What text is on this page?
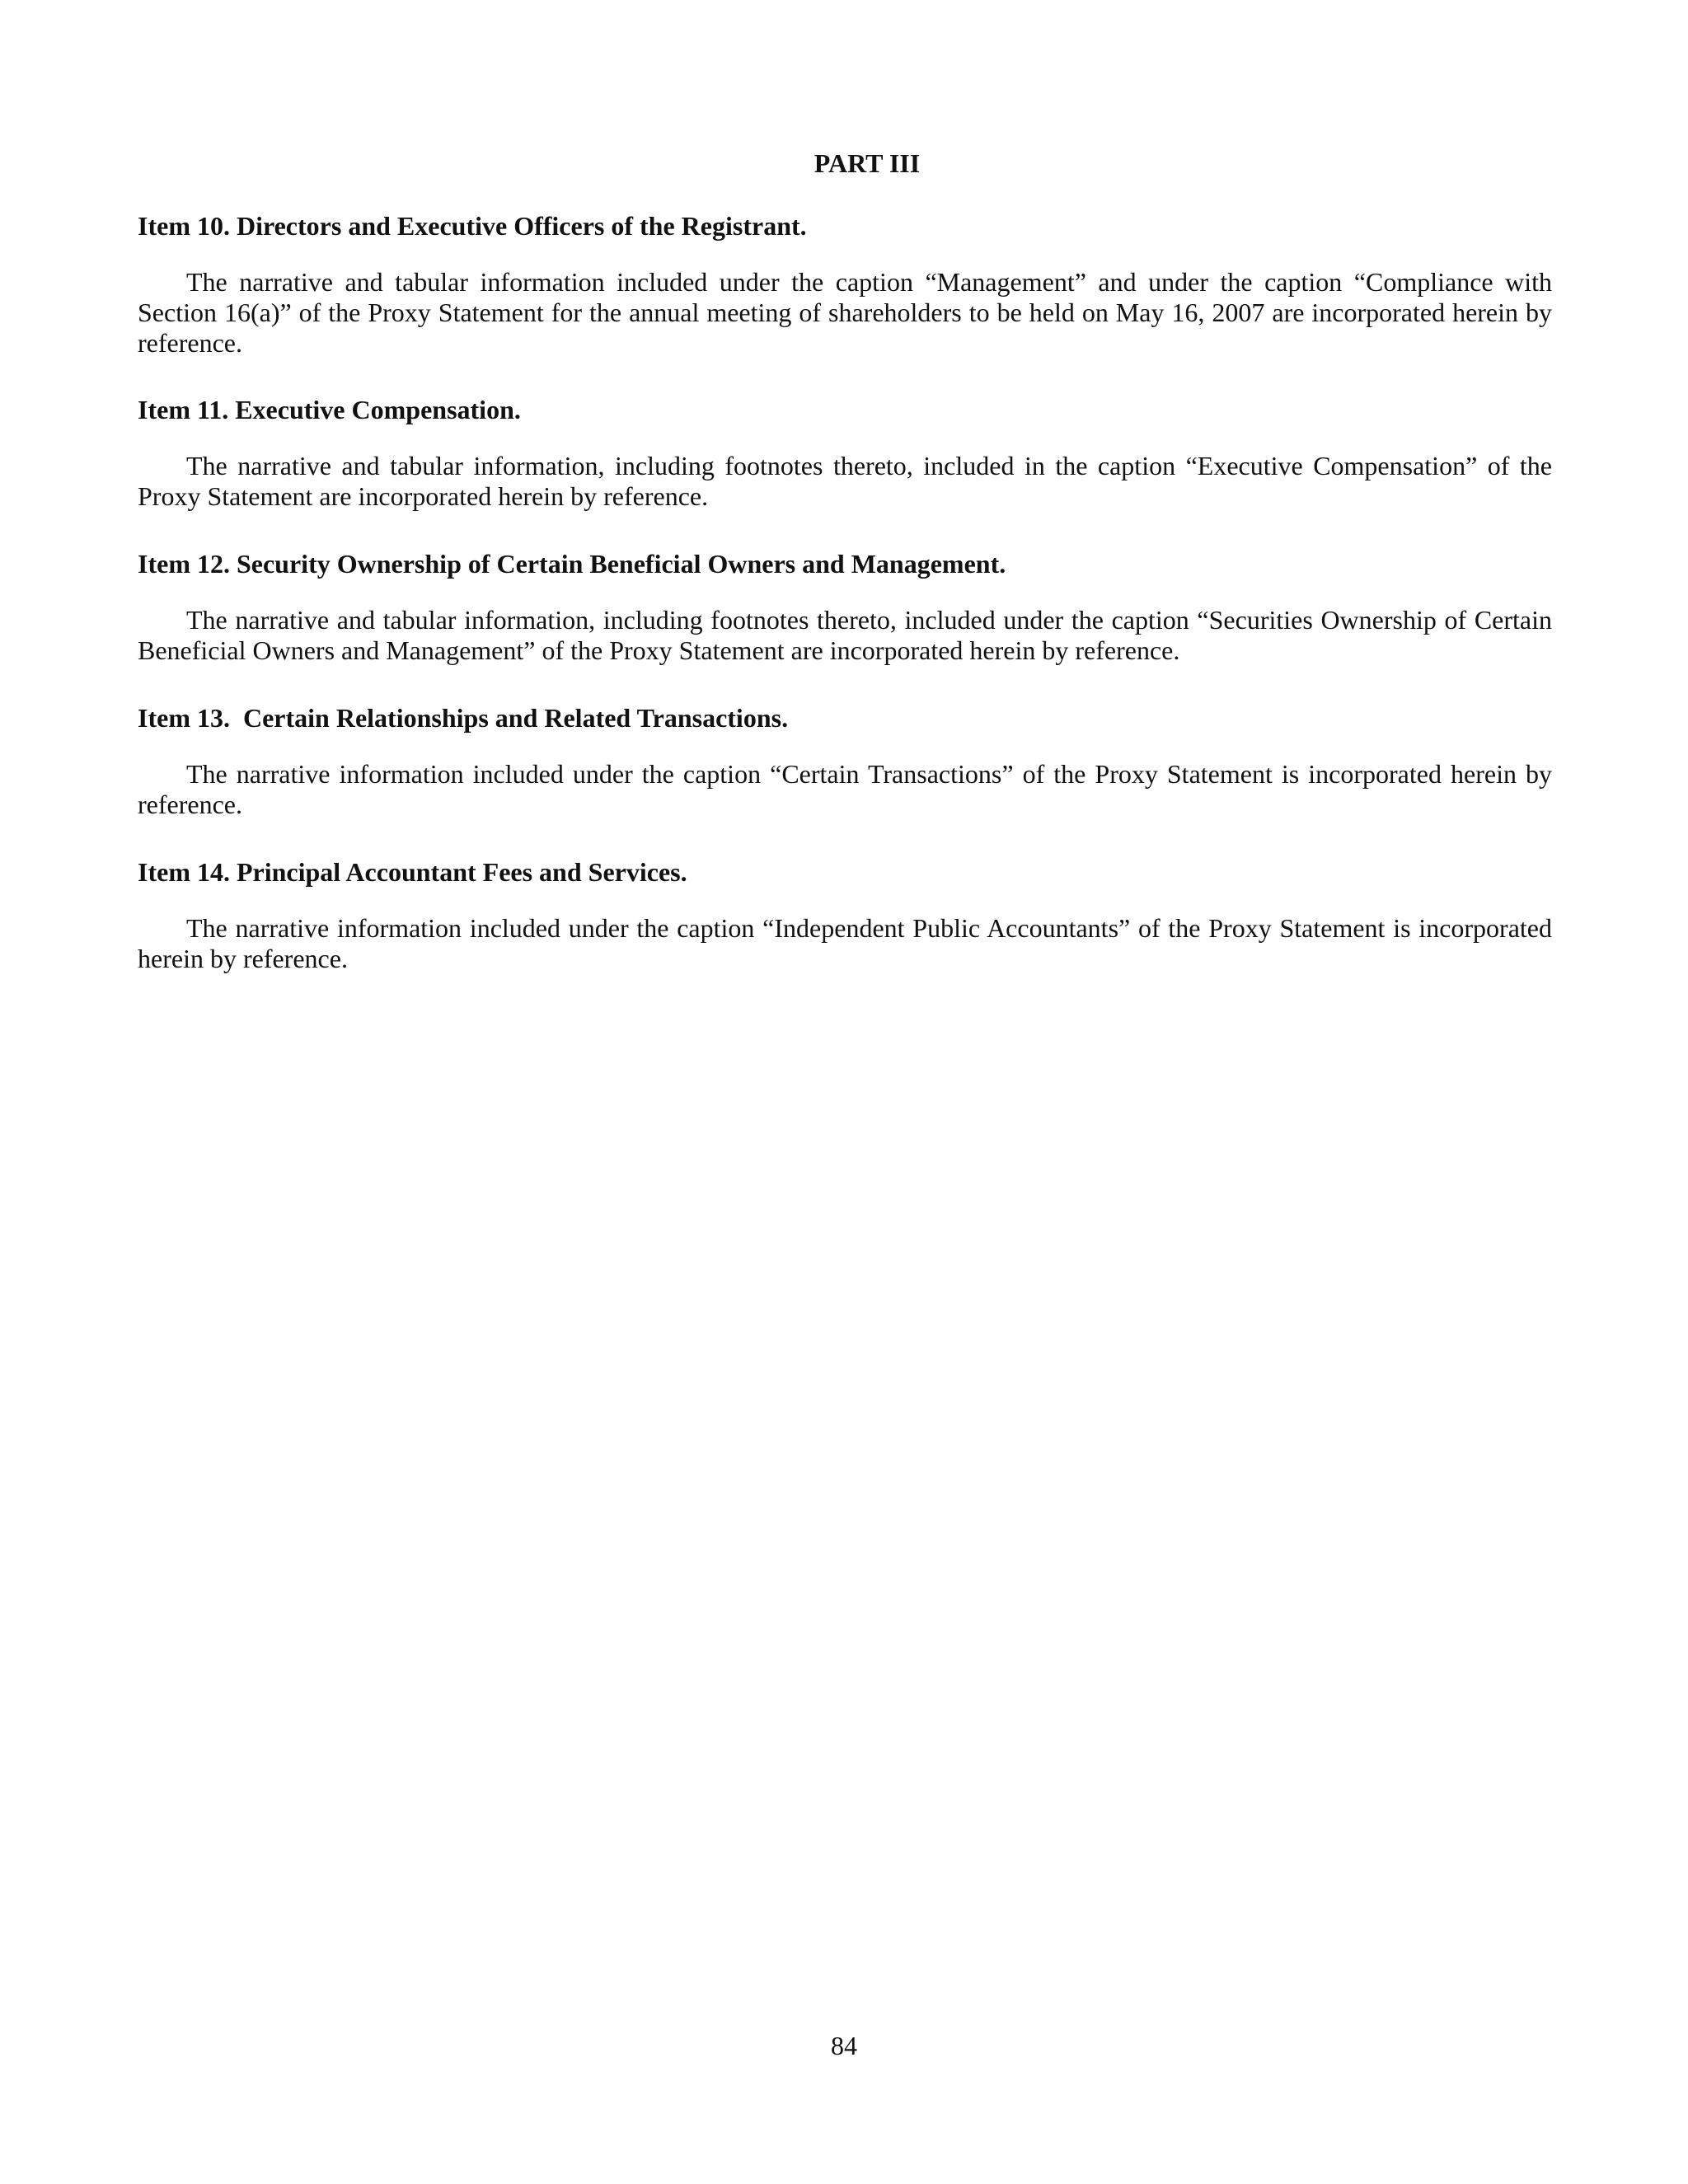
PART III
Item 10. Directors and Executive Officers of the Registrant.

The narrative and tabular information included under the caption “Management” and under the caption “Compliance with Section 16(a)” of the Proxy Statement for the annual meeting of shareholders to be held on May 16, 2007 are incorporated herein by reference.

Item 11. Executive Compensation.

The narrative and tabular information, including footnotes thereto, included in the caption “Executive Compensation” of the Proxy Statement are incorporated herein by reference.

Item 12. Security Ownership of Certain Beneficial Owners and Management.

The narrative and tabular information, including footnotes thereto, included under the caption “Securities Ownership of Certain Beneficial Owners and Management” of the Proxy Statement are incorporated herein by reference.

Item 13.  Certain Relationships and Related Transactions.

The narrative information included under the caption “Certain Transactions” of the Proxy Statement is incorporated herein by reference.

Item 14. Principal Accountant Fees and Services.

The narrative information included under the caption “Independent Public Accountants” of the Proxy Statement is incorporated herein by reference.

84
